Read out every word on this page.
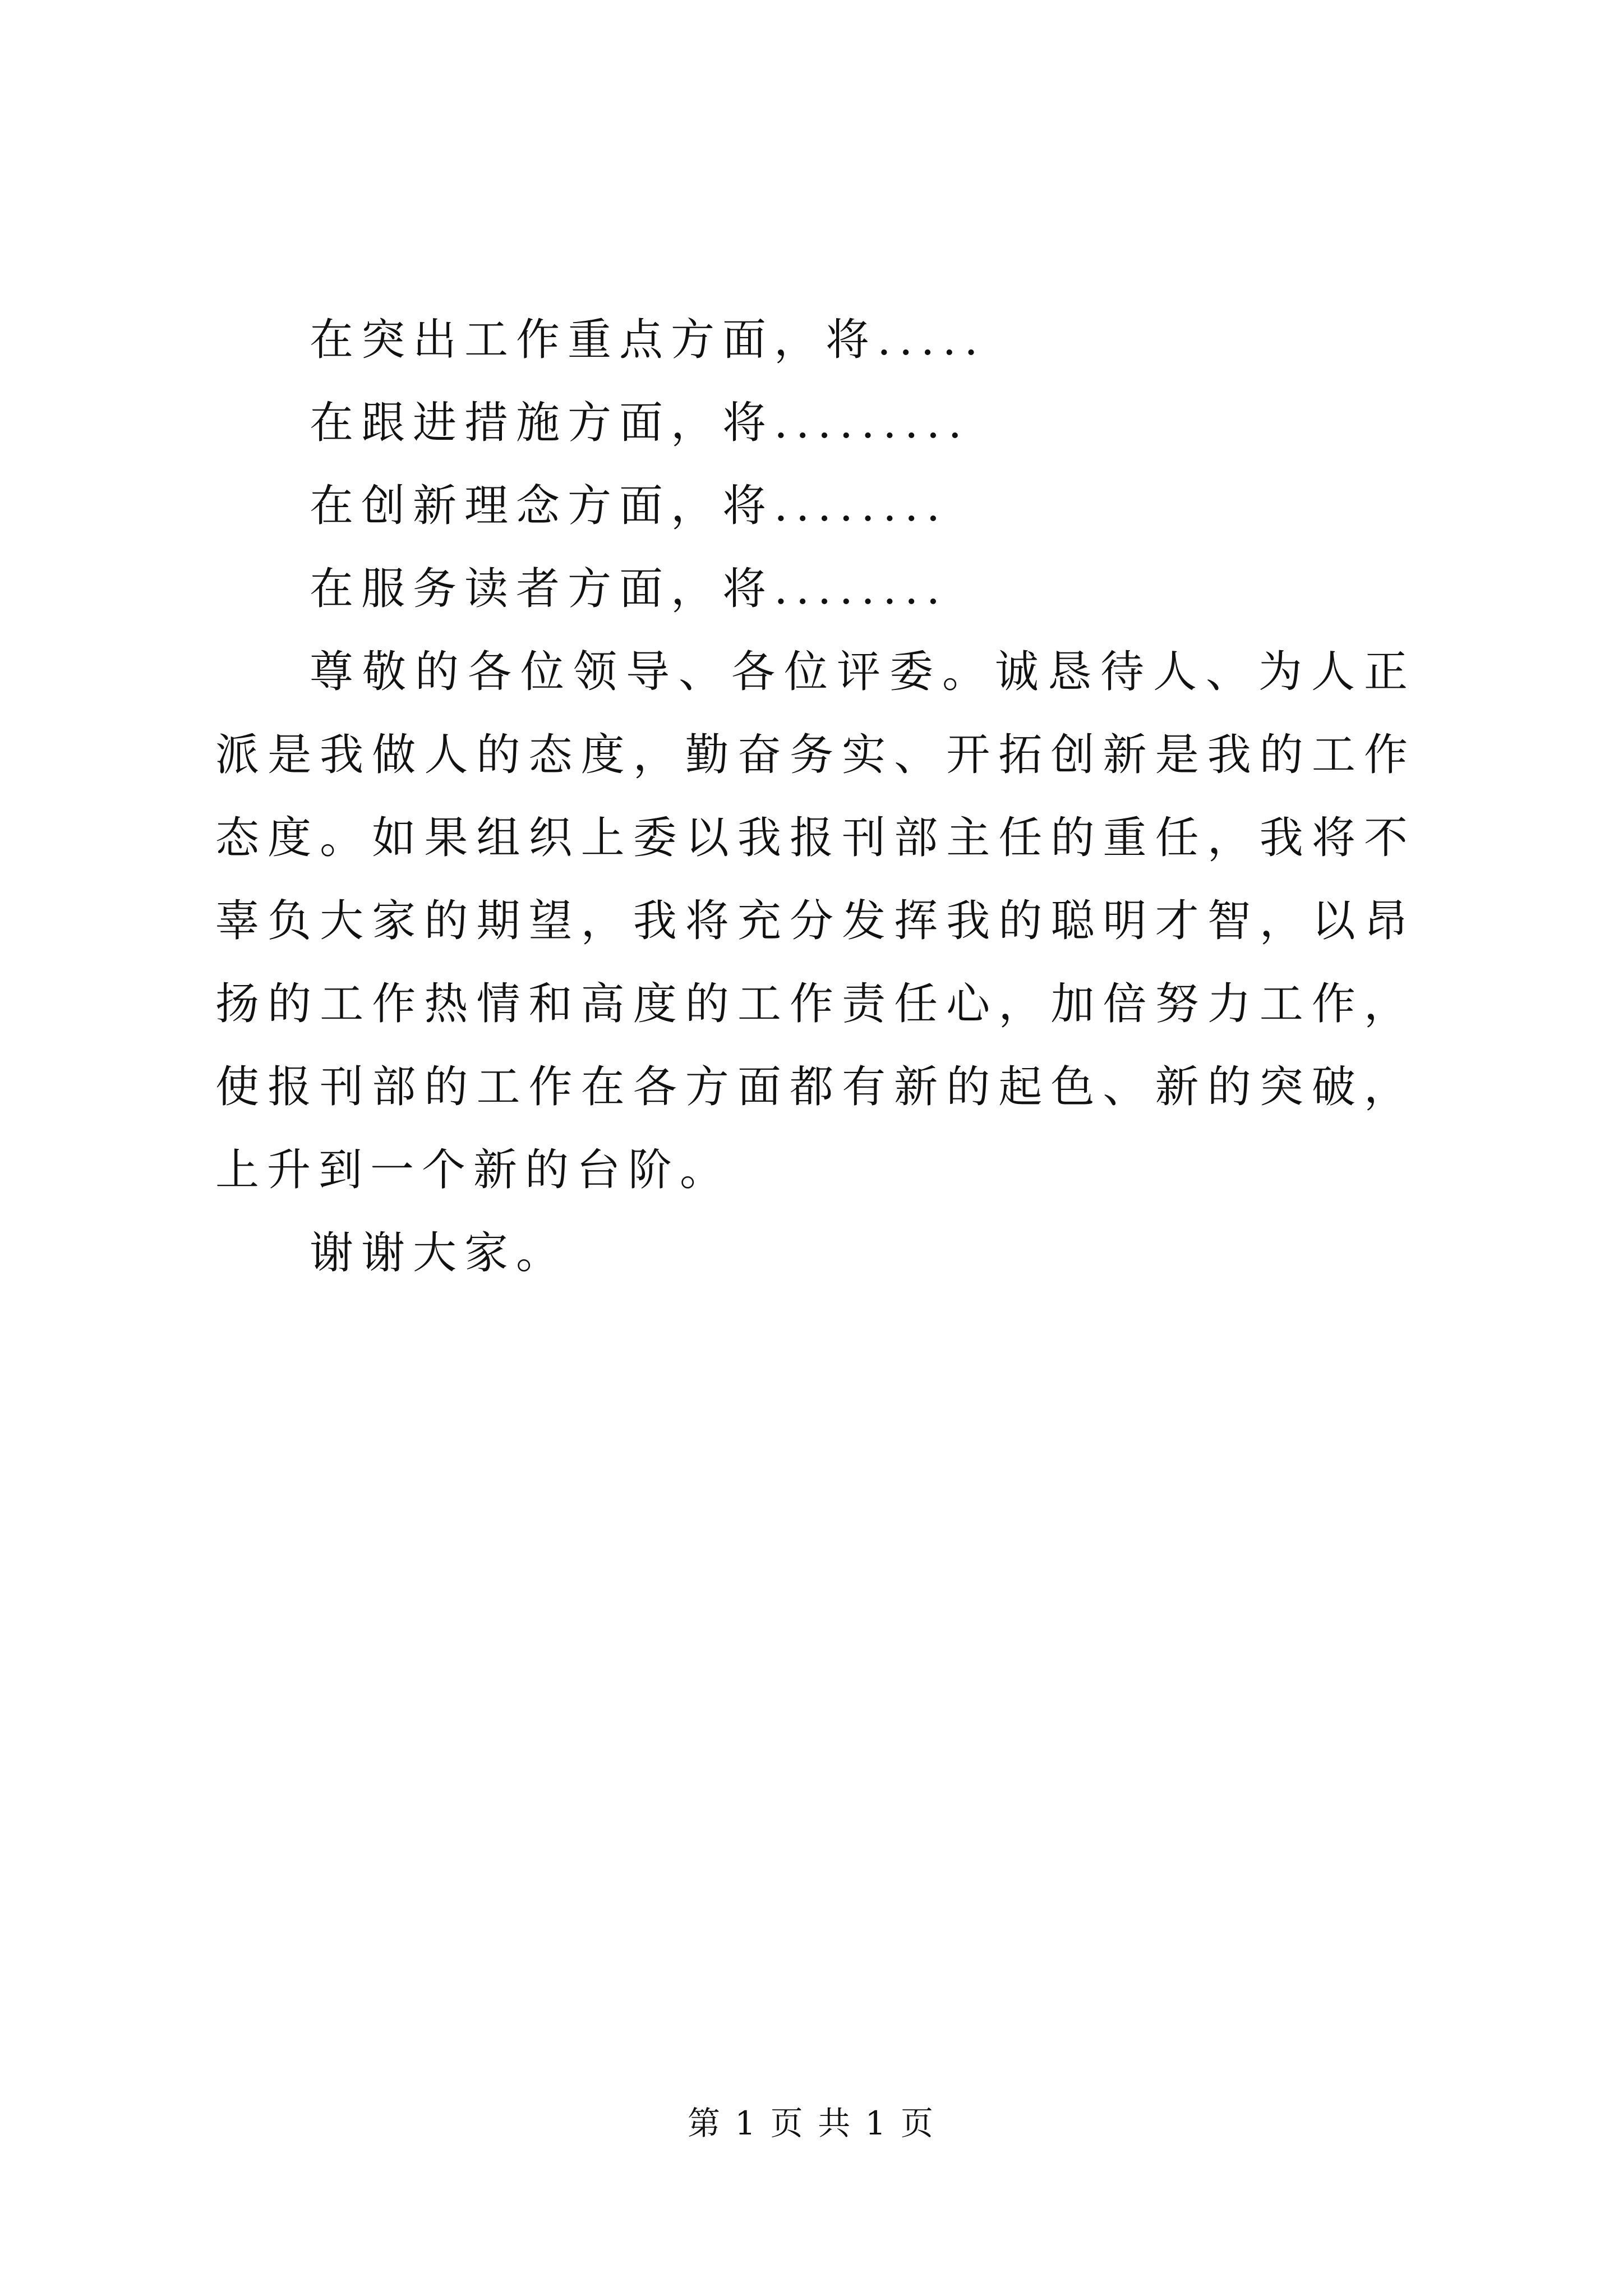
在突出工作重点方面，将.....

在跟进措施方面，将.........

在创新理念方面，将........

在服务读者方面，将........

尊敬的各位领导、各位评委。诚恳待人、为人正派是我做人的态度，勤奋务实、开拓创新是我的工作态度。如果组织上委以我报刊部主任的重任，我将不辜负大家的期望，我将充分发挥我的聪明才智，以昂扬的工作热情和高度的工作责任心，加倍努力工作，使报刊部的工作在各方面都有新的起色、新的突破，上升到一个新的台阶。

谢谢大家。

第 1 页 共 1 页
